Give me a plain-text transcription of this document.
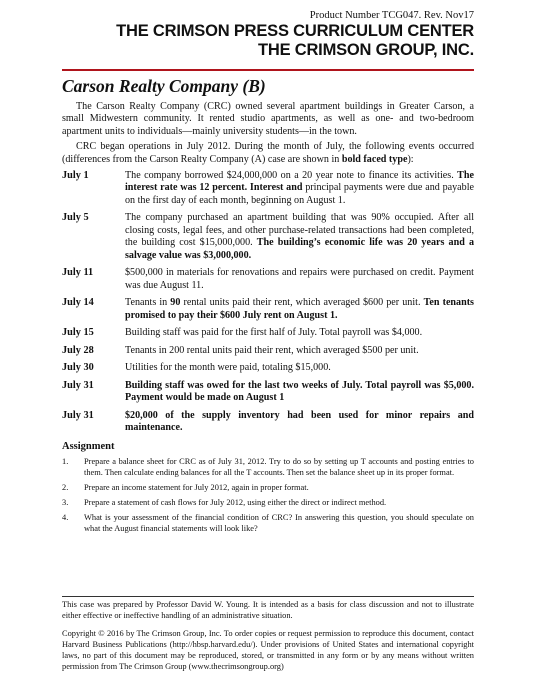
Product Number TCG047. Rev. Nov17
THE CRIMSON PRESS CURRICULUM CENTER
THE CRIMSON GROUP, INC.
Carson Realty Company (B)
The Carson Realty Company (CRC) owned several apartment buildings in Greater Carson, a small Midwestern community. It rented studio apartments, as well as one- and two-bedroom apartment units to individuals—mainly university students—in the town.
CRC began operations in July 2012. During the month of July, the following events occurred (differences from the Carson Realty Company (A) case are shown in bold faced type):
July 1	The company borrowed $24,000,000 on a 20 year note to finance its activities. The interest rate was 12 percent. Interest and principal payments were due and payable on the first day of each month, beginning on August 1.
July 5	The company purchased an apartment building that was 90% occupied. After all closing costs, legal fees, and other purchase-related transactions had been completed, the building cost $15,000,000. The building’s economic life was 20 years and a salvage value was $3,000,000.
July 11	$500,000 in materials for renovations and repairs were purchased on credit. Payment was due August 11.
July 14	Tenants in 90 rental units paid their rent, which averaged $600 per unit. Ten tenants promised to pay their $600 July rent on August 1.
July 15	Building staff was paid for the first half of July. Total payroll was $4,000.
July 28	Tenants in 200 rental units paid their rent, which averaged $500 per unit.
July 30	Utilities for the month were paid, totaling $15,000.
July 31	Building staff was owed for the last two weeks of July. Total payroll was $5,000. Payment would be made on August 1
July 31	$20,000 of the supply inventory had been used for minor repairs and maintenance.
Assignment
1.	Prepare a balance sheet for CRC as of July 31, 2012. Try to do so by setting up T accounts and posting entries to them. Then calculate ending balances for all the T accounts. Then set the balance sheet up in its proper format.
2.	Prepare an income statement for July 2012, again in proper format.
3.	Prepare a statement of cash flows for July 2012, using either the direct or indirect method.
4.	What is your assessment of the financial condition of CRC? In answering this question, you should speculate on what the August financial statements will look like?
This case was prepared by Professor David W. Young. It is intended as a basis for class discussion and not to illustrate either effective or ineffective handling of an administrative situation.
Copyright © 2016 by The Crimson Group, Inc. To order copies or request permission to reproduce this document, contact Harvard Business Publications (http://hbsp.harvard.edu/). Under provisions of United States and international copyright laws, no part of this document may be reproduced, stored, or transmitted in any form or by any means without written permission from The Crimson Group (www.thecrimsongroup.org)
